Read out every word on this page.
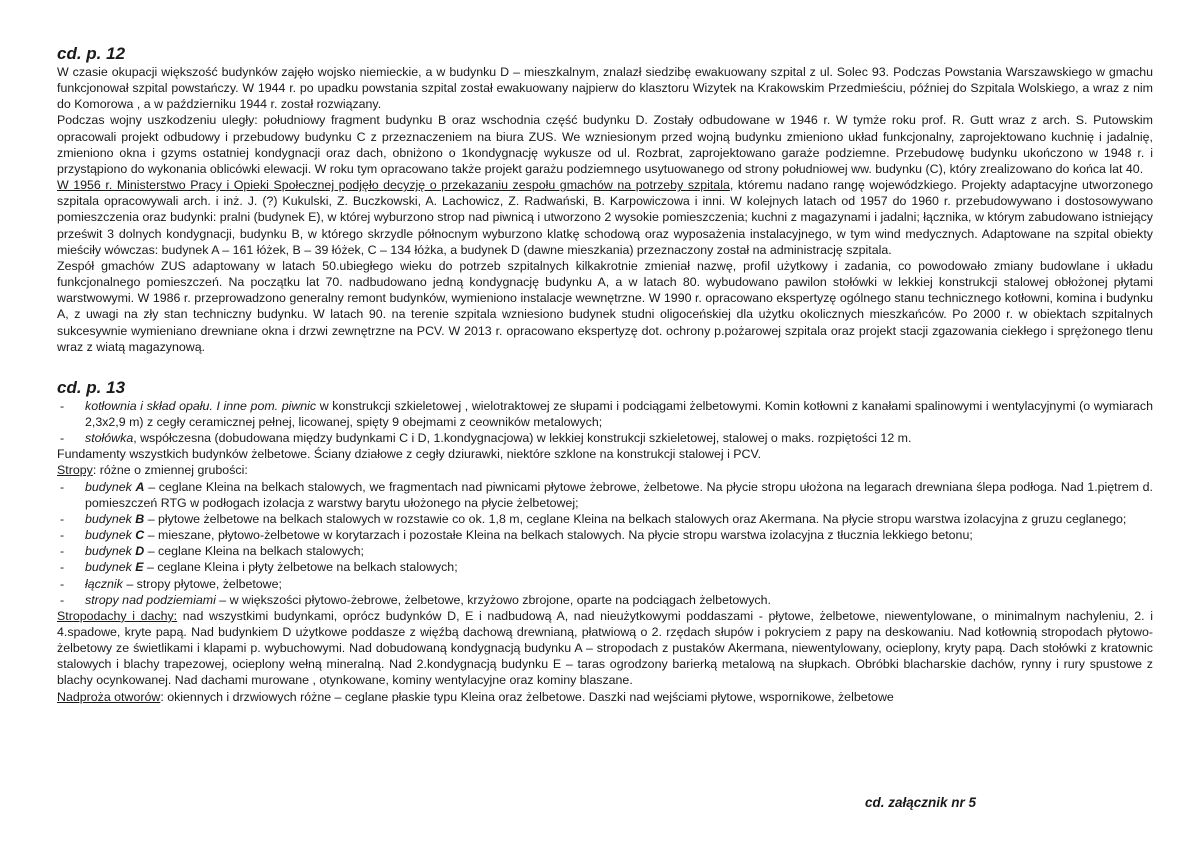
cd. p. 12

W czasie okupacji większość budynków zajęło wojsko niemieckie, a w budynku D – mieszkalnym, znalazł siedzibę ewakuowany szpital z ul. Solec 93. Podczas Powstania Warszawskiego w gmachu funkcjonował szpital powstańczy. W 1944 r. po upadku powstania szpital został ewakuowany najpierw do klasztoru Wizytek na Krakowskim Przedmieściu, później do Szpitala Wolskiego, a wraz z nim do Komorowa , a w październiku 1944 r. został rozwiązany.

Podczas wojny uszkodzeniu uległy: południowy fragment budynku B oraz wschodnia część budynku D. Zostały odbudowane w 1946 r. W tymże roku prof. R. Gutt wraz z arch. S. Putowskim opracowali projekt odbudowy i przebudowy budynku C z przeznaczeniem na biura ZUS. We wzniesionym przed wojną budynku zmieniono układ funkcjonalny, zaprojektowano kuchnię i jadalnię, zmieniono okna i gzyms ostatniej kondygnacji oraz dach, obniżono o 1kondygnację wykusze od ul. Rozbrat, zaprojektowano garaże podziemne. Przebudowę budynku ukończono w 1948 r. i przystąpiono do wykonania oblicówki elewacji. W roku tym opracowano także projekt garażu podziemnego usytuowanego od strony południowej ww. budynku (C), który zrealizowano do końca lat 40.

W 1956 r. Ministerstwo Pracy i Opieki Społecznej podjęło decyzję o przekazaniu zespołu gmachów na potrzeby szpitala, któremu nadano rangę wojewódzkiego. Projekty adaptacyjne utworzonego szpitala opracowywali arch. i inż. J. (?) Kukulski, Z. Buczkowski, A. Lachowicz, Z. Radwański, B. Karpowiczowa i inni. W kolejnych latach od 1957 do 1960 r. przebudowywano i dostosowywano pomieszczenia oraz budynki: pralni (budynek E), w której wyburzono strop nad piwnicą i utworzono 2 wysokie pomieszczenia; kuchni z magazynami i jadalni; łącznika, w którym zabudowano istniejący prześwit 3 dolnych kondygnacji, budynku B, w którego skrzydle północnym wyburzono klatkę schodową oraz wyposażenia instalacyjnego, w tym wind medycznych. Adaptowane na szpital obiekty mieściły wówczas: budynek A – 161 łóżek, B – 39 łóżek, C – 134 łóżka, a budynek D (dawne mieszkania) przeznaczony został na administrację szpitala.

Zespół gmachów ZUS adaptowany w latach 50.ubiegłego wieku do potrzeb szpitalnych kilkakrotnie zmieniał nazwę, profil użytkowy i zadania, co powodowało zmiany budowlane i układu funkcjonalnego pomieszczeń. Na początku lat 70. nadbudowano jedną kondygnację budynku A, a w latach 80. wybudowano pawilon stołówki w lekkiej konstrukcji stalowej obłożonej płytami warstwowymi. W 1986 r. przeprowadzono generalny remont budynków, wymieniono instalacje wewnętrzne. W 1990 r. opracowano ekspertyzę ogólnego stanu technicznego kotłowni, komina i budynku A, z uwagi na zły stan techniczny budynku. W latach 90. na terenie szpitala wzniesiono budynek studni oligoceńskiej dla użytku okolicznych mieszkańców. Po 2000 r. w obiektach szpitalnych sukcesywnie wymieniano drewniane okna i drzwi zewnętrzne na PCV. W 2013 r. opracowano ekspertyzę dot. ochrony p.pożarowej szpitala oraz projekt stacji zgazowania ciekłego i sprężonego tlenu wraz z wiatą magazynową.

cd. p. 13

- kotłownia i skład opału. I inne pom. piwnic w konstrukcji szkieletowej , wielotraktowej ze słupami i podciągami żelbetowymi. Komin kotłowni z kanałami spalinowymi i wentylacyjnymi (o wymiarach 2,3x2,9 m) z cegły ceramicznej pełnej, licowanej, spięty 9 obejmami z ceowników metalowych;
- stołówka, współczesna (dobudowana między budynkami C i D, 1.kondygnacjowa) w lekkiej konstrukcji szkieletowej, stalowej o maks. rozpiętości 12 m.

Fundamenty wszystkich budynków żelbetowe. Ściany działowe z cegły dziurawki, niektóre szklone na konstrukcji stalowej i PCV.

Stropy: różne o zmiennej grubości:

- budynek A – ceglane Kleina na belkach stalowych, we fragmentach nad piwnicami płytowe żebrowe, żelbetowe. Na płycie stropu ułożona na legarach drewniana ślepa podłoga. Nad 1.piętrem d. pomieszczeń RTG w podłogach izolacja z warstwy barytu ułożonego na płycie żelbetowej;
- budynek B – płytowe żelbetowe na belkach stalowych w rozstawie co ok. 1,8 m, ceglane Kleina na belkach stalowych oraz Akermana. Na płycie stropu warstwa izolacyjna z gruzu ceglanego;
- budynek C – mieszane, płytowo-żelbetowe w korytarzach i pozostałe Kleina na belkach stalowych. Na płycie stropu warstwa izolacyjna z tłucznia lekkiego betonu;
- budynek D – ceglane Kleina na belkach stalowych;
- budynek E – ceglane Kleina i płyty żelbetowe na belkach stalowych;
- łącznik – stropy płytowe, żelbetowe;
- stropy nad podziemiami – w większości płytowo-żebrowe, żelbetowe, krzyżowo zbrojone, oparte na podciągach żelbetowych.

Stropodachy i dachy: nad wszystkimi budynkami, oprócz budynków D, E i nadbudową A, nad nieużytkowymi poddaszami - płytowe, żelbetowe, niewentylowane, o minimalnym nachyleniu, 2. i 4.spadowe, kryte papą. Nad budynkiem D użytkowe poddasze z więźbą dachową drewnianą, płatwiową o 2. rzędach słupów i pokryciem z papy na deskowaniu. Nad kotłownią stropodach płytowo-żelbetowy ze świetlikami i klapami p. wybuchowymi. Nad dobudowaną kondygnacją budynku A – stropodach z pustaków Akermana, niewentylowany, ocieplony, kryty papą. Dach stołówki z kratownic stalowych i blachy trapezowej, ocieplony wełną mineralną. Nad 2.kondygnacją budynku E – taras ogrodzony barierką metalową na słupkach. Obróbki blacharskie dachów, rynny i rury spustowe z blachy ocynkowanej. Nad dachami murowane , otynkowane, kominy wentylacyjne oraz kominy blaszane.

Nadproża otworów: okiennych i drzwiowych różne – ceglane płaskie typu Kleina oraz żelbetowe. Daszki nad wejściami płytowe, wspornikowe, żelbetowe

cd. załącznik nr 5
